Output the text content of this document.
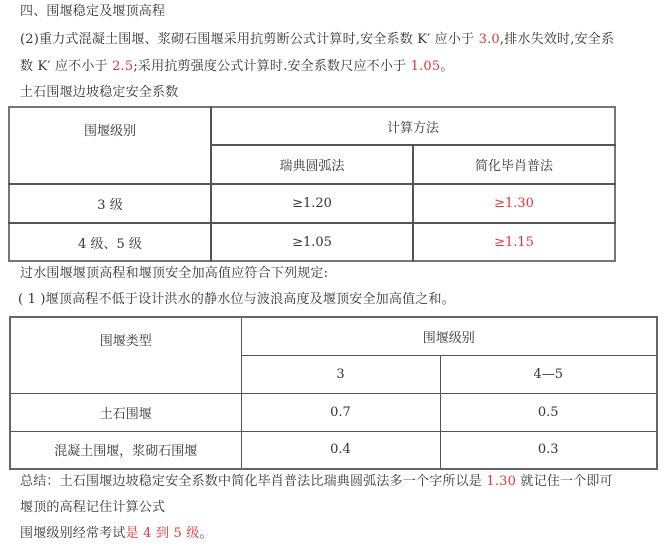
四、围堰稳定及堰顶高程
(2)重力式混凝土围堰、浆砌石围堰采用抗剪断公式计算时,安全系数 K′ 应小于 3.0,排水失效时,安全系
数 K′ 应不小于 2.5;采用抗剪强度公式计算时.安全系数尺应不小于 1.05。
土石围堰边坡稳定安全系数
围堰级别	计算方法	
	瑞典圆弧法	简化毕肖普法
3 级	≥1.20	≥1.30
4 级、5 级	≥1.05	≥1.15
过水围堰堰顶高程和堰顶安全加高值应符合下列规定:
( 1 )堰顶高程不低于设计洪水的静水位与波浪高度及堰顶安全加高值之和。
围堰类型	围堰级别	
	3	4—5
土石围堰	0.7	0.5
混凝土围堰，浆砌石围堰	0.4	0.3
总结：土石围堰边坡稳定安全系数中简化毕肖普法比瑞典圆弧法多一个字所以是 1.30 就记住一个即可
堰顶的高程记住计算公式
围堰级别经常考试是 4 到 5 级。
